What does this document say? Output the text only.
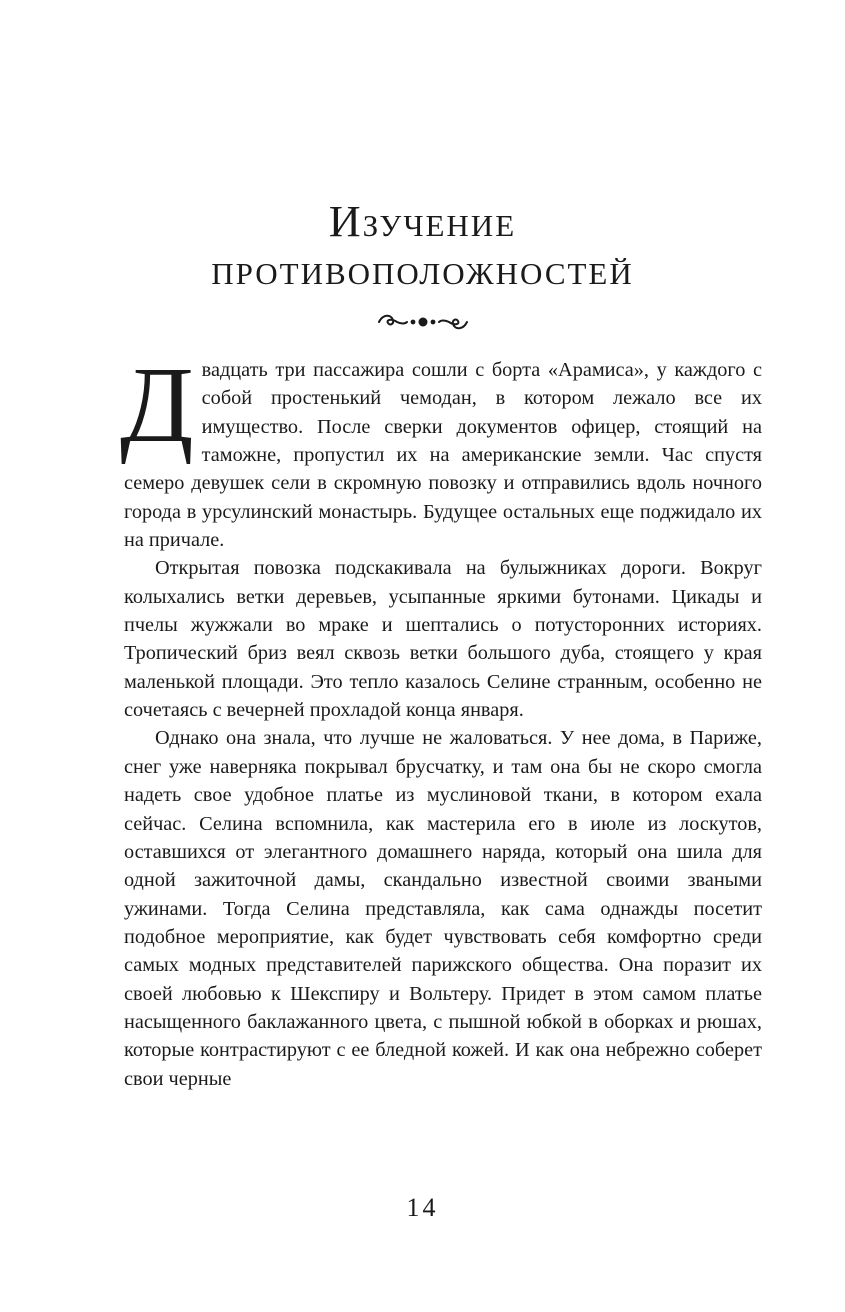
Изучение
противоположностей

Двадцать три пассажира сошли с борта «Арамиса», у каждого с собой простенький чемодан, в котором лежало все их имущество. После сверки документов офицер, стоящий на таможне, пропустил их на американские земли. Час спустя семеро девушек сели в скромную повозку и отправились вдоль ночного города в урсулинский монастырь. Будущее остальных еще поджидало их на причале.

Открытая повозка подскакивала на булыжниках дороги. Вокруг колыхались ветки деревьев, усыпанные яркими бутонами. Цикады и пчелы жужжали во мраке и шептались о потусторонних историях. Тропический бриз веял сквозь ветки большого дуба, стоящего у края маленькой площади. Это тепло казалось Селине странным, особенно не сочетаясь с вечерней прохладой конца января.

Однако она знала, что лучше не жаловаться. У нее дома, в Париже, снег уже наверняка покрывал брусчатку, и там она бы не скоро смогла надеть свое удобное платье из муслиновой ткани, в котором ехала сейчас. Селина вспомнила, как мастерила его в июле из лоскутов, оставшихся от элегантного домашнего наряда, который она шила для одной зажиточной дамы, скандально известной своими зваными ужинами. Тогда Селина представляла, как сама однажды посетит подобное мероприятие, как будет чувствовать себя комфортно среди самых модных представителей парижского общества. Она поразит их своей любовью к Шекспиру и Вольтеру. Придет в этом самом платье насыщенного баклажанного цвета, с пышной юбкой в оборках и рюшах, которые контрастируют с ее бледной кожей. И как она небрежно соберет свои черные

14
